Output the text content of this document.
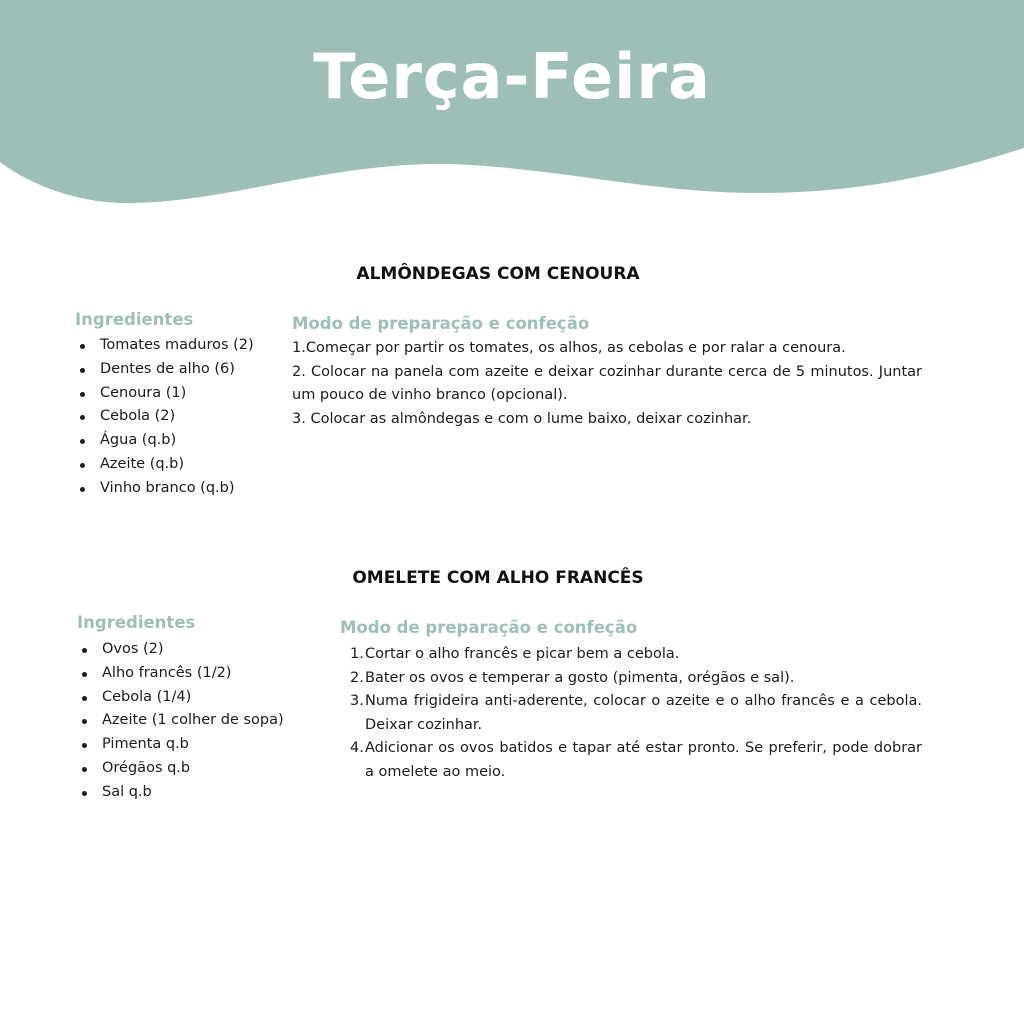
Terça-Feira
ALMÔNDEGAS COM CENOURA
Ingredientes
Tomates maduros (2)
Dentes de alho (6)
Cenoura (1)
Cebola (2)
Água (q.b)
Azeite (q.b)
Vinho branco (q.b)
Modo de preparação e confeção
1.Começar por partir os tomates, os alhos, as cebolas e por ralar a cenoura.
2. Colocar na panela com azeite e deixar cozinhar durante cerca de 5 minutos. Juntar um pouco de vinho branco (opcional).
3. Colocar as almôndegas e com o lume baixo, deixar cozinhar.
OMELETE COM ALHO FRANCÊS
Ingredientes
Ovos (2)
Alho francês (1/2)
Cebola (1/4)
Azeite (1 colher de sopa)
Pimenta q.b
Orégãos q.b
Sal q.b
Modo de preparação e confeção
1. Cortar o alho francês e picar bem a cebola.
2. Bater os ovos e temperar a gosto (pimenta, orégãos e sal).
3. Numa frigideira anti-aderente, colocar o azeite e o alho francês e a cebola. Deixar cozinhar.
4. Adicionar os ovos batidos e tapar até estar pronto. Se preferir, pode dobrar a omelete ao meio.
